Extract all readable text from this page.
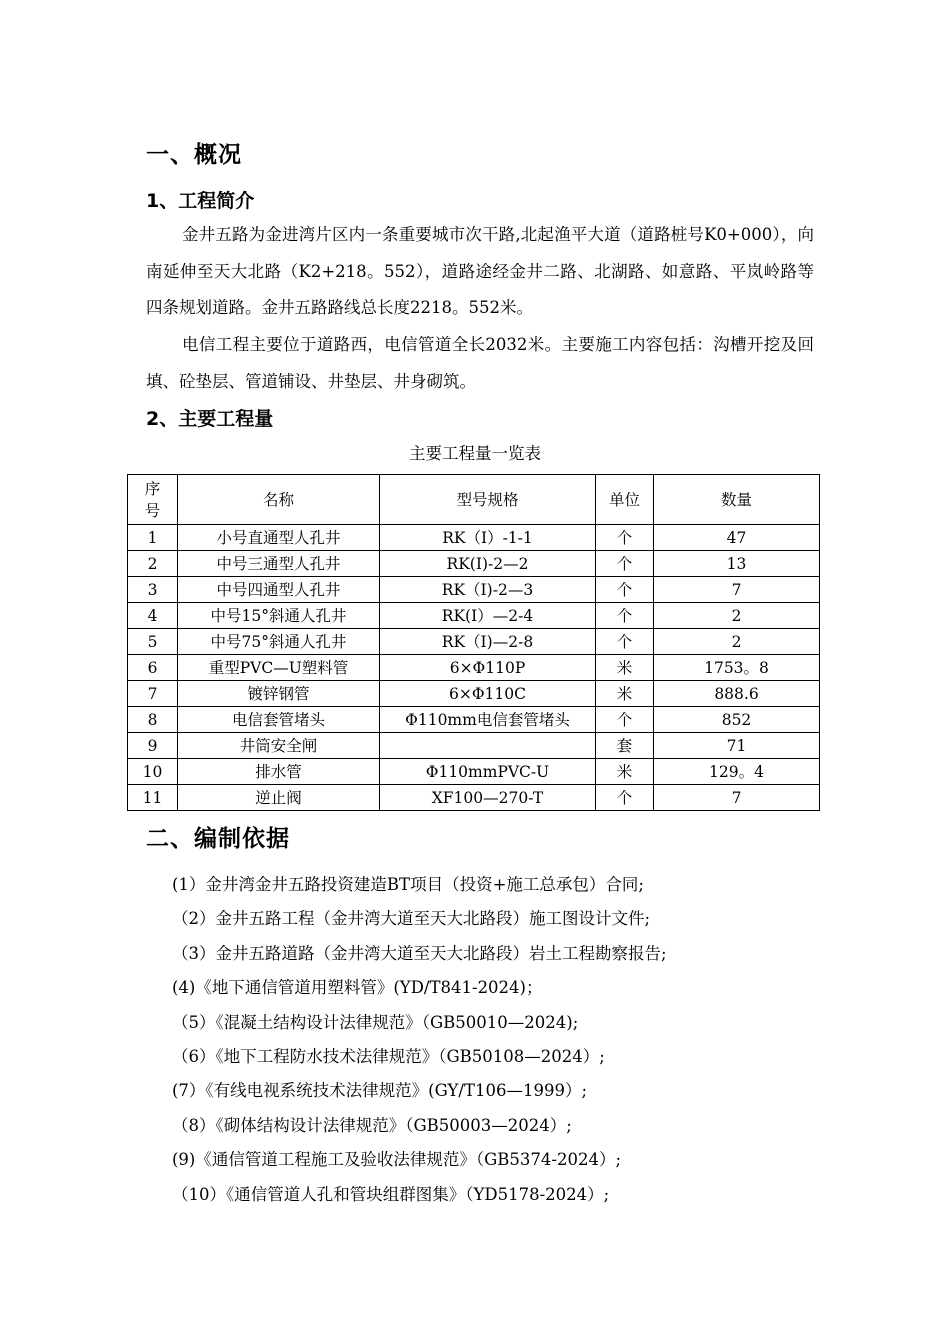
一、概况
1、工程简介

金井五路为金进湾片区内一条重要城市次干路,北起渔平大道（道路桩号K0+000），向南延伸至天大北路（K2+218。552），道路途经金井二路、北湖路、如意路、平岚岭路等四条规划道路。金井五路路线总长度2218。552米。

电信工程主要位于道路西，电信管道全长2032米。主要施工内容包括：沟槽开挖及回填、砼垫层、管道铺设、井垫层、井身砌筑。

2、主要工程量
主要工程量一览表
序号	名称	型号规格	单位	数量
1	小号直通型人孔井	RK（I）-1-1	个	47
2	中号三通型人孔井	RK(I)-2—2	个	13
3	中号四通型人孔井	RK（I)-2—3	个	7
4	中号15°斜通人孔井	RK(I）—2-4	个	2
5	中号75°斜通人孔井	RK（I)—2-8	个	2
6	重型PVC—U塑料管	6×Φ110P	米	1753。8
7	镀锌钢管	6×Φ110C	米	888.6
8	电信套管堵头	Φ110mm电信套管堵头	个	852
9	井筒安全闸		套	71
10	排水管	Φ110mmPVC-U	米	129。4
11	逆止阀	XF100—270-T	个	7
二、编制依据
(1）金井湾金井五路投资建造BT项目（投资+施工总承包）合同;
（2）金井五路工程（金井湾大道至天大北路段）施工图设计文件;
（3）金井五路道路（金井湾大道至天大北路段）岩土工程勘察报告;
(4)《地下通信管道用塑料管》(YD/T841-2024)；
（5）《混凝土结构设计法律规范》（GB50010—2024);
（6）《地下工程防水技术法律规范》（GB50108—2024）;
(7）《有线电视系统技术法律规范》(GY/T106—1999）;
（8）《砌体结构设计法律规范》（GB50003—2024）;
(9)《通信管道工程施工及验收法律规范》（GB5374-2024）;
（10）《通信管道人孔和管块组群图集》（YD5178-2024）;
